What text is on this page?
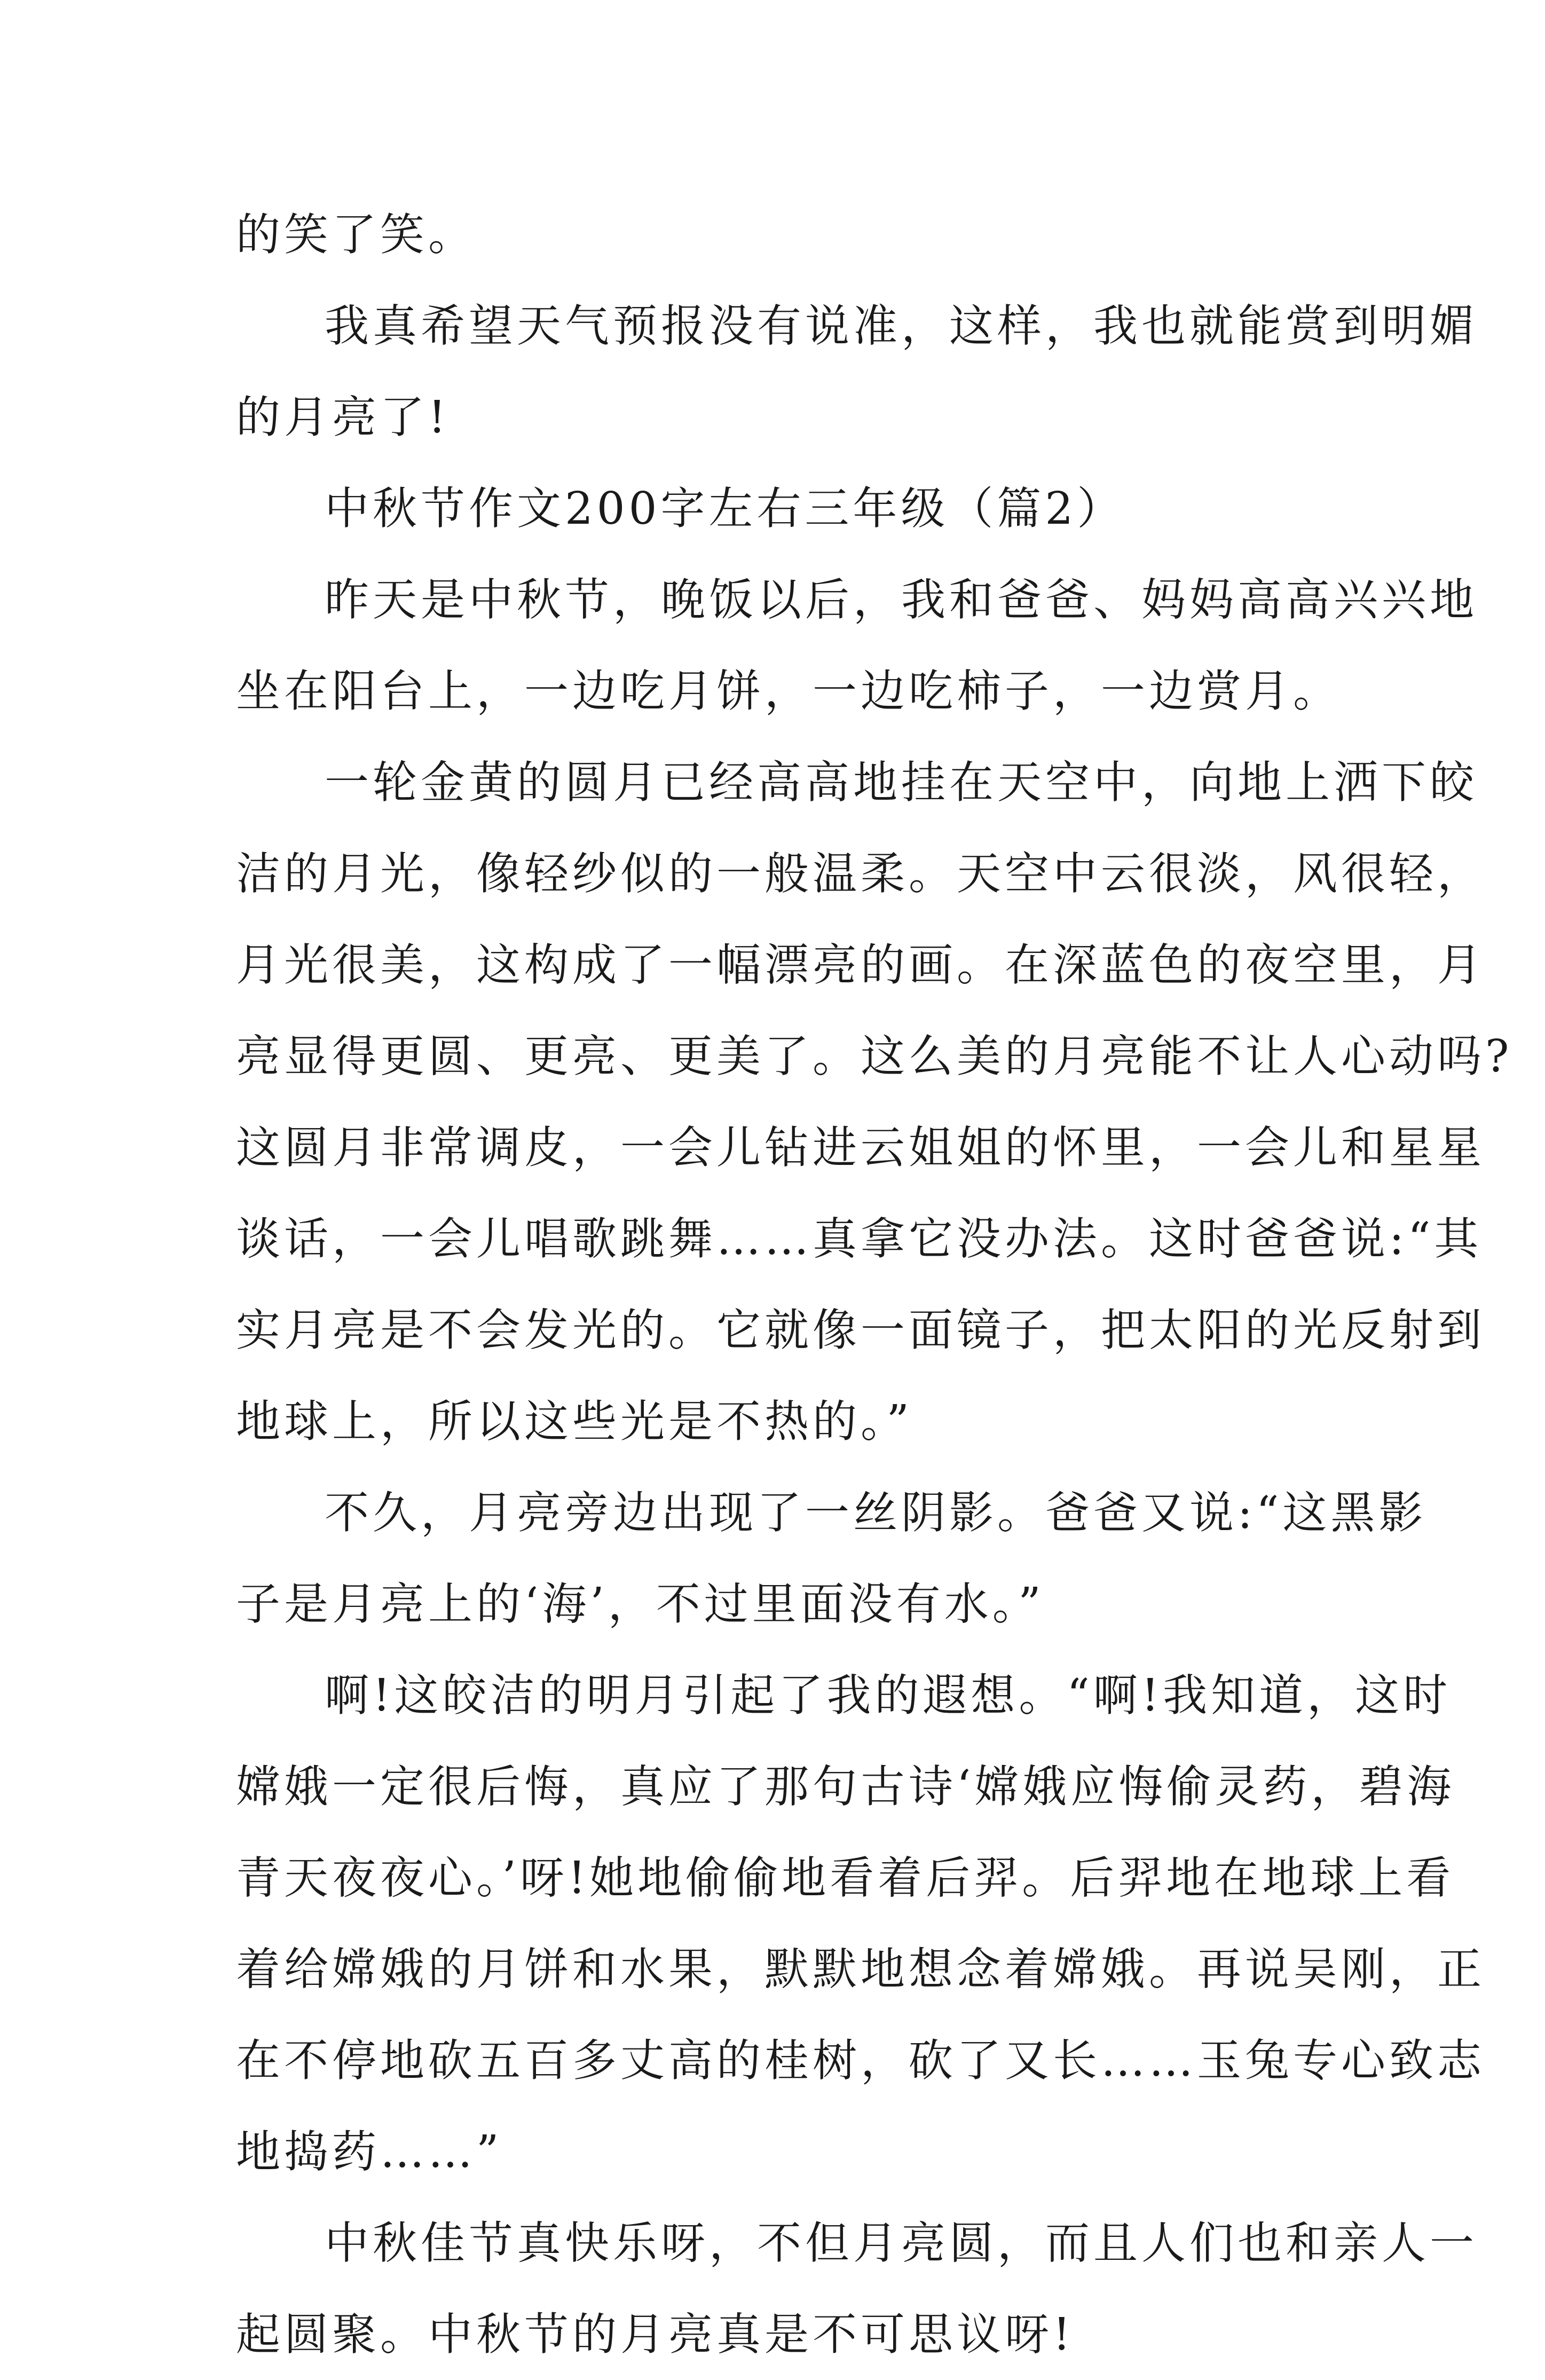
的笑了笑。
我真希望天气预报没有说准，这样，我也就能赏到明媚
的月亮了!
中秋节作文200字左右三年级（篇2）
昨天是中秋节，晚饭以后，我和爸爸、妈妈高高兴兴地
坐在阳台上，一边吃月饼，一边吃柿子，一边赏月。
一轮金黄的圆月已经高高地挂在天空中，向地上洒下皎
洁的月光，像轻纱似的一般温柔。天空中云很淡，风很轻，
月光很美，这构成了一幅漂亮的画。在深蓝色的夜空里，月
亮显得更圆、更亮、更美了。这么美的月亮能不让人心动吗?
这圆月非常调皮，一会儿钻进云姐姐的怀里，一会儿和星星
谈话，一会儿唱歌跳舞……真拿它没办法。这时爸爸说:“其
实月亮是不会发光的。它就像一面镜子，把太阳的光反射到
地球上，所以这些光是不热的。”
不久，月亮旁边出现了一丝阴影。爸爸又说:“这黑影
子是月亮上的‘海’，不过里面没有水。”
啊!这皎洁的明月引起了我的遐想。“啊!我知道，这时
嫦娥一定很后悔，真应了那句古诗‘嫦娥应悔偷灵药，碧海
青天夜夜心。’呀!她地偷偷地看着后羿。后羿地在地球上看
着给嫦娥的月饼和水果，默默地想念着嫦娥。再说吴刚，正
在不停地砍五百多丈高的桂树，砍了又长……玉兔专心致志
地捣药……”
中秋佳节真快乐呀，不但月亮圆，而且人们也和亲人一
起圆聚。中秋节的月亮真是不可思议呀!
